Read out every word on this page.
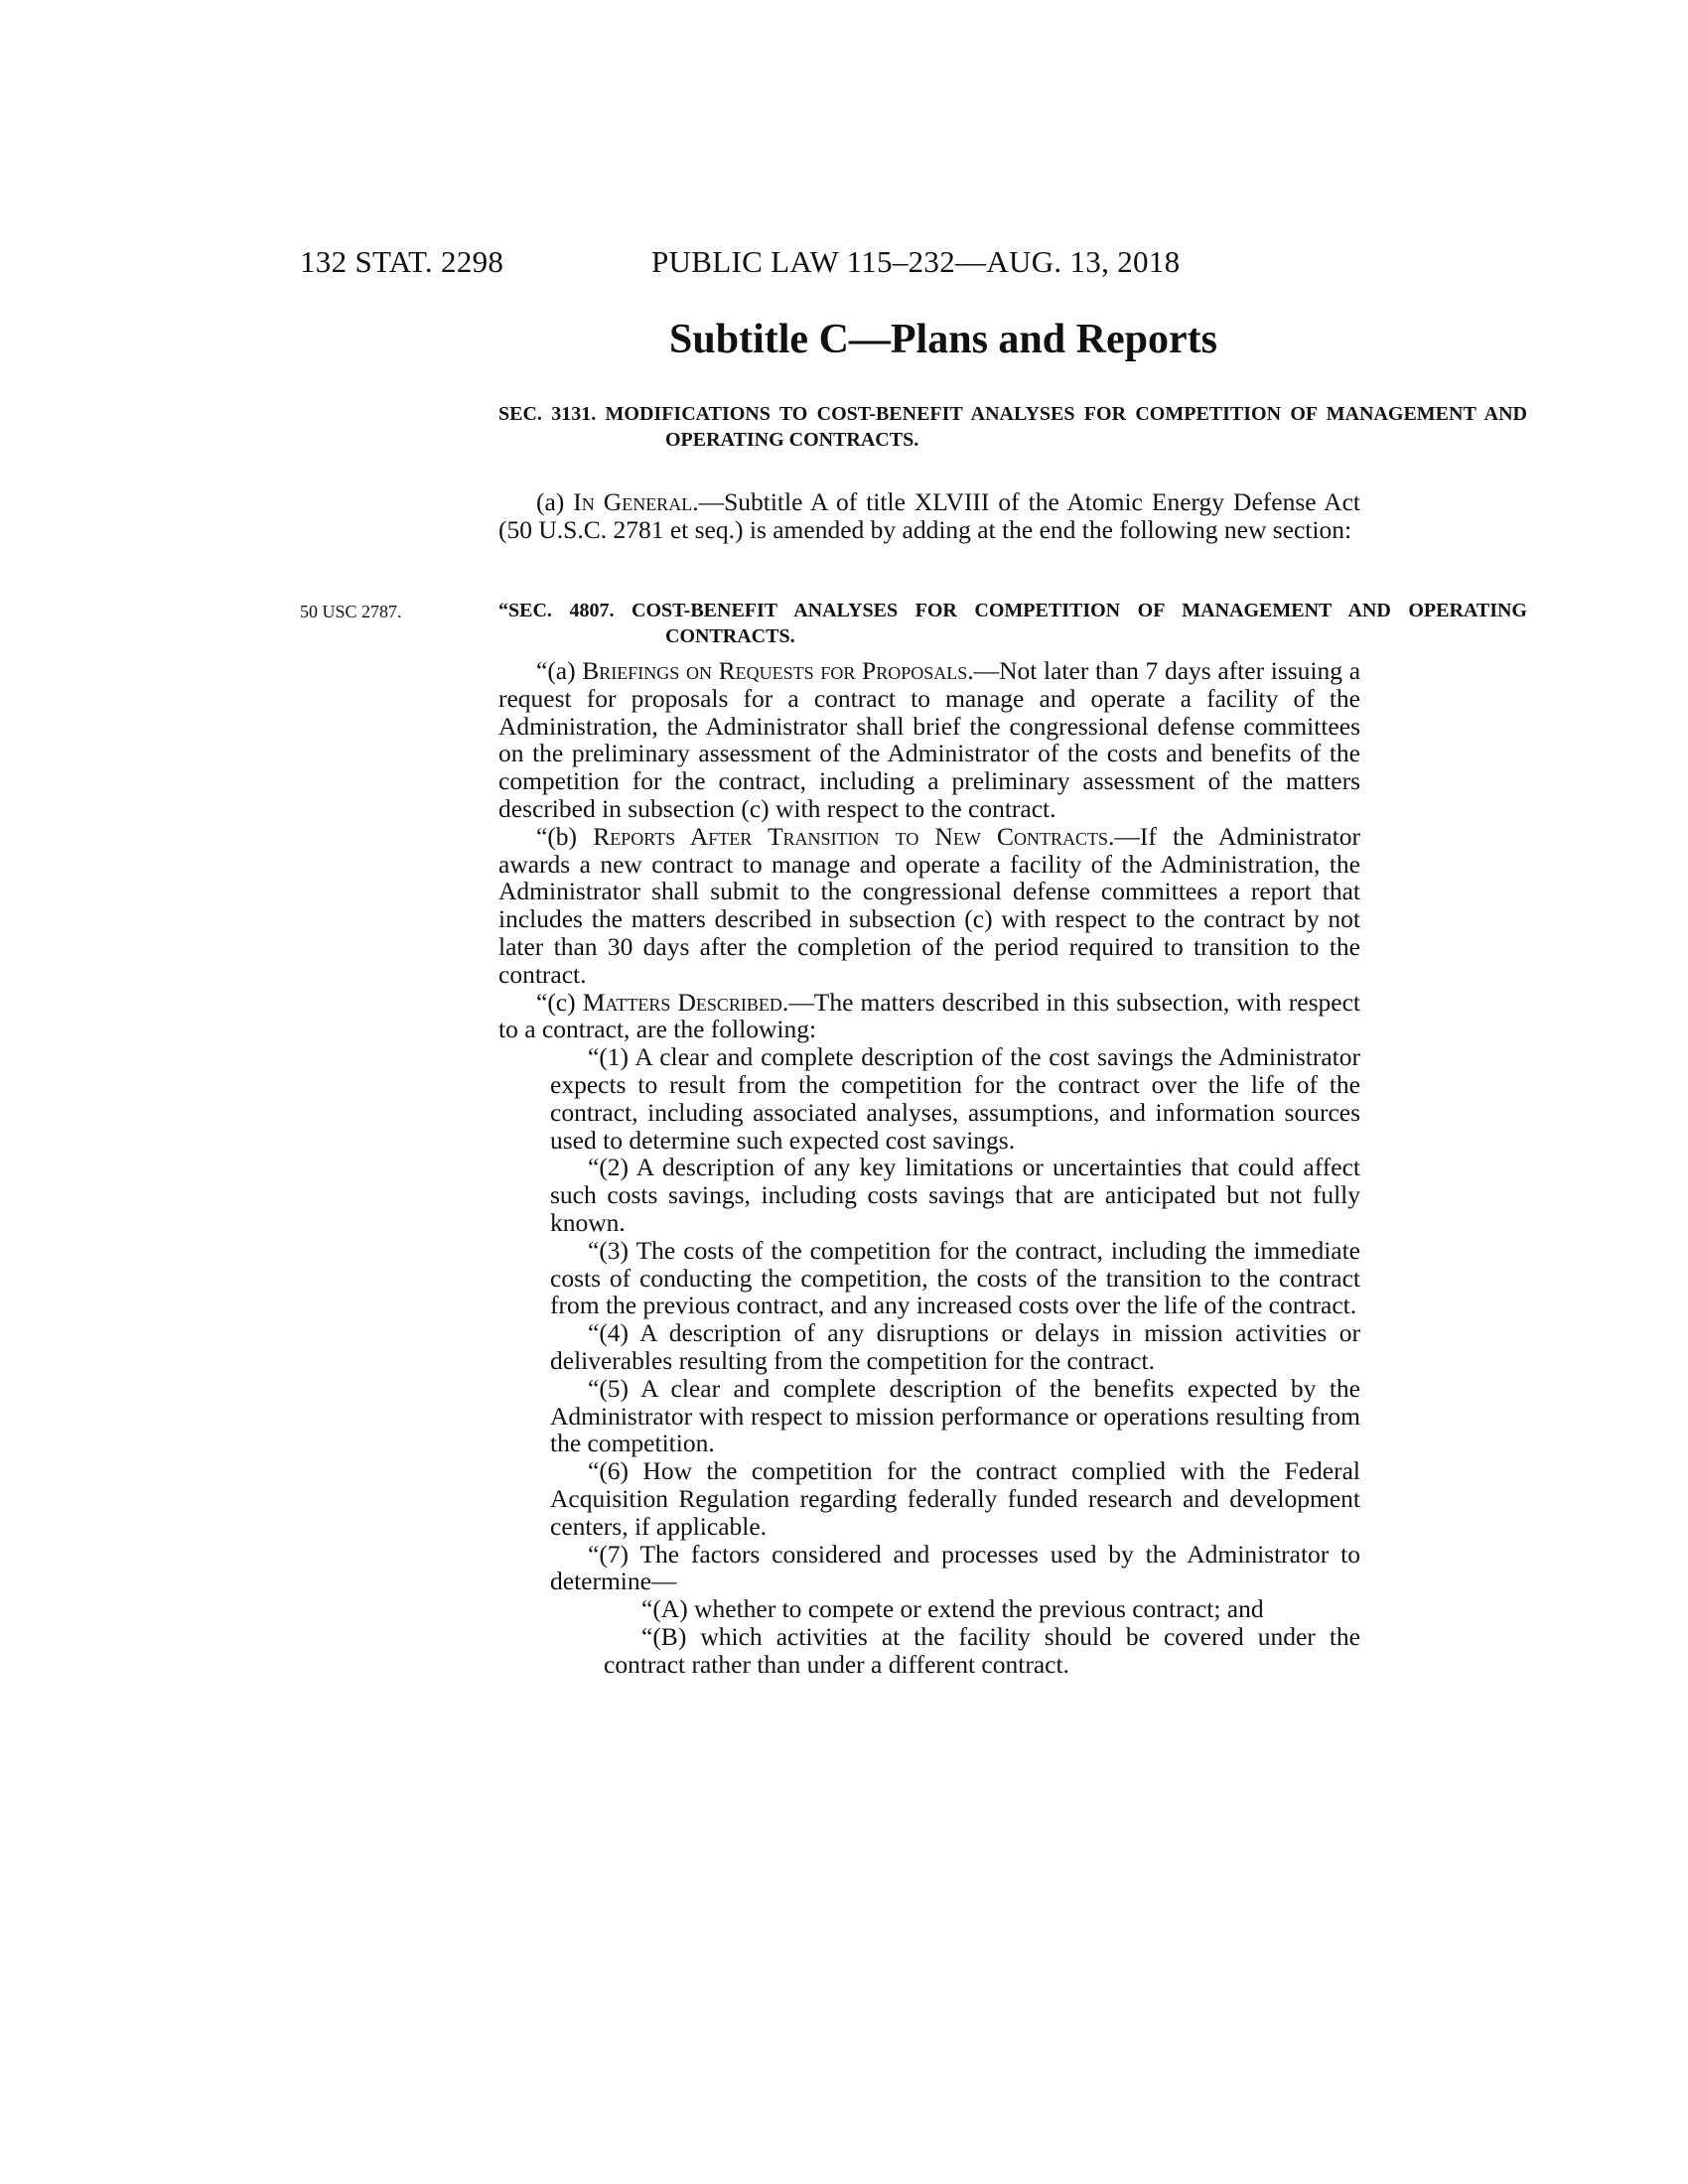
132 STAT. 2298	PUBLIC LAW 115–232—AUG. 13, 2018
Subtitle C—Plans and Reports
SEC. 3131. MODIFICATIONS TO COST-BENEFIT ANALYSES FOR COMPETITION OF MANAGEMENT AND OPERATING CONTRACTS.

(a) In General.—Subtitle A of title XLVIII of the Atomic Energy Defense Act (50 U.S.C. 2781 et seq.) is amended by adding at the end the following new section:

50 USC 2787.	“SEC. 4807. COST-BENEFIT ANALYSES FOR COMPETITION OF MANAGEMENT AND OPERATING CONTRACTS.

“(a) Briefings on Requests for Proposals.—Not later than 7 days after issuing a request for proposals for a contract to manage and operate a facility of the Administration, the Administrator shall brief the congressional defense committees on the preliminary assessment of the Administrator of the costs and benefits of the competition for the contract, including a preliminary assessment of the matters described in subsection (c) with respect to the contract.

“(b) Reports After Transition to New Contracts.—If the Administrator awards a new contract to manage and operate a facility of the Administration, the Administrator shall submit to the congressional defense committees a report that includes the matters described in subsection (c) with respect to the contract by not later than 30 days after the completion of the period required to transition to the contract.

“(c) Matters Described.—The matters described in this subsection, with respect to a contract, are the following:

“(1) A clear and complete description of the cost savings the Administrator expects to result from the competition for the contract over the life of the contract, including associated analyses, assumptions, and information sources used to determine such expected cost savings.

“(2) A description of any key limitations or uncertainties that could affect such costs savings, including costs savings that are anticipated but not fully known.

“(3) The costs of the competition for the contract, including the immediate costs of conducting the competition, the costs of the transition to the contract from the previous contract, and any increased costs over the life of the contract.

“(4) A description of any disruptions or delays in mission activities or deliverables resulting from the competition for the contract.

“(5) A clear and complete description of the benefits expected by the Administrator with respect to mission performance or operations resulting from the competition.

“(6) How the competition for the contract complied with the Federal Acquisition Regulation regarding federally funded research and development centers, if applicable.

“(7) The factors considered and processes used by the Administrator to determine—

“(A) whether to compete or extend the previous contract; and

“(B) which activities at the facility should be covered under the contract rather than under a different contract.
